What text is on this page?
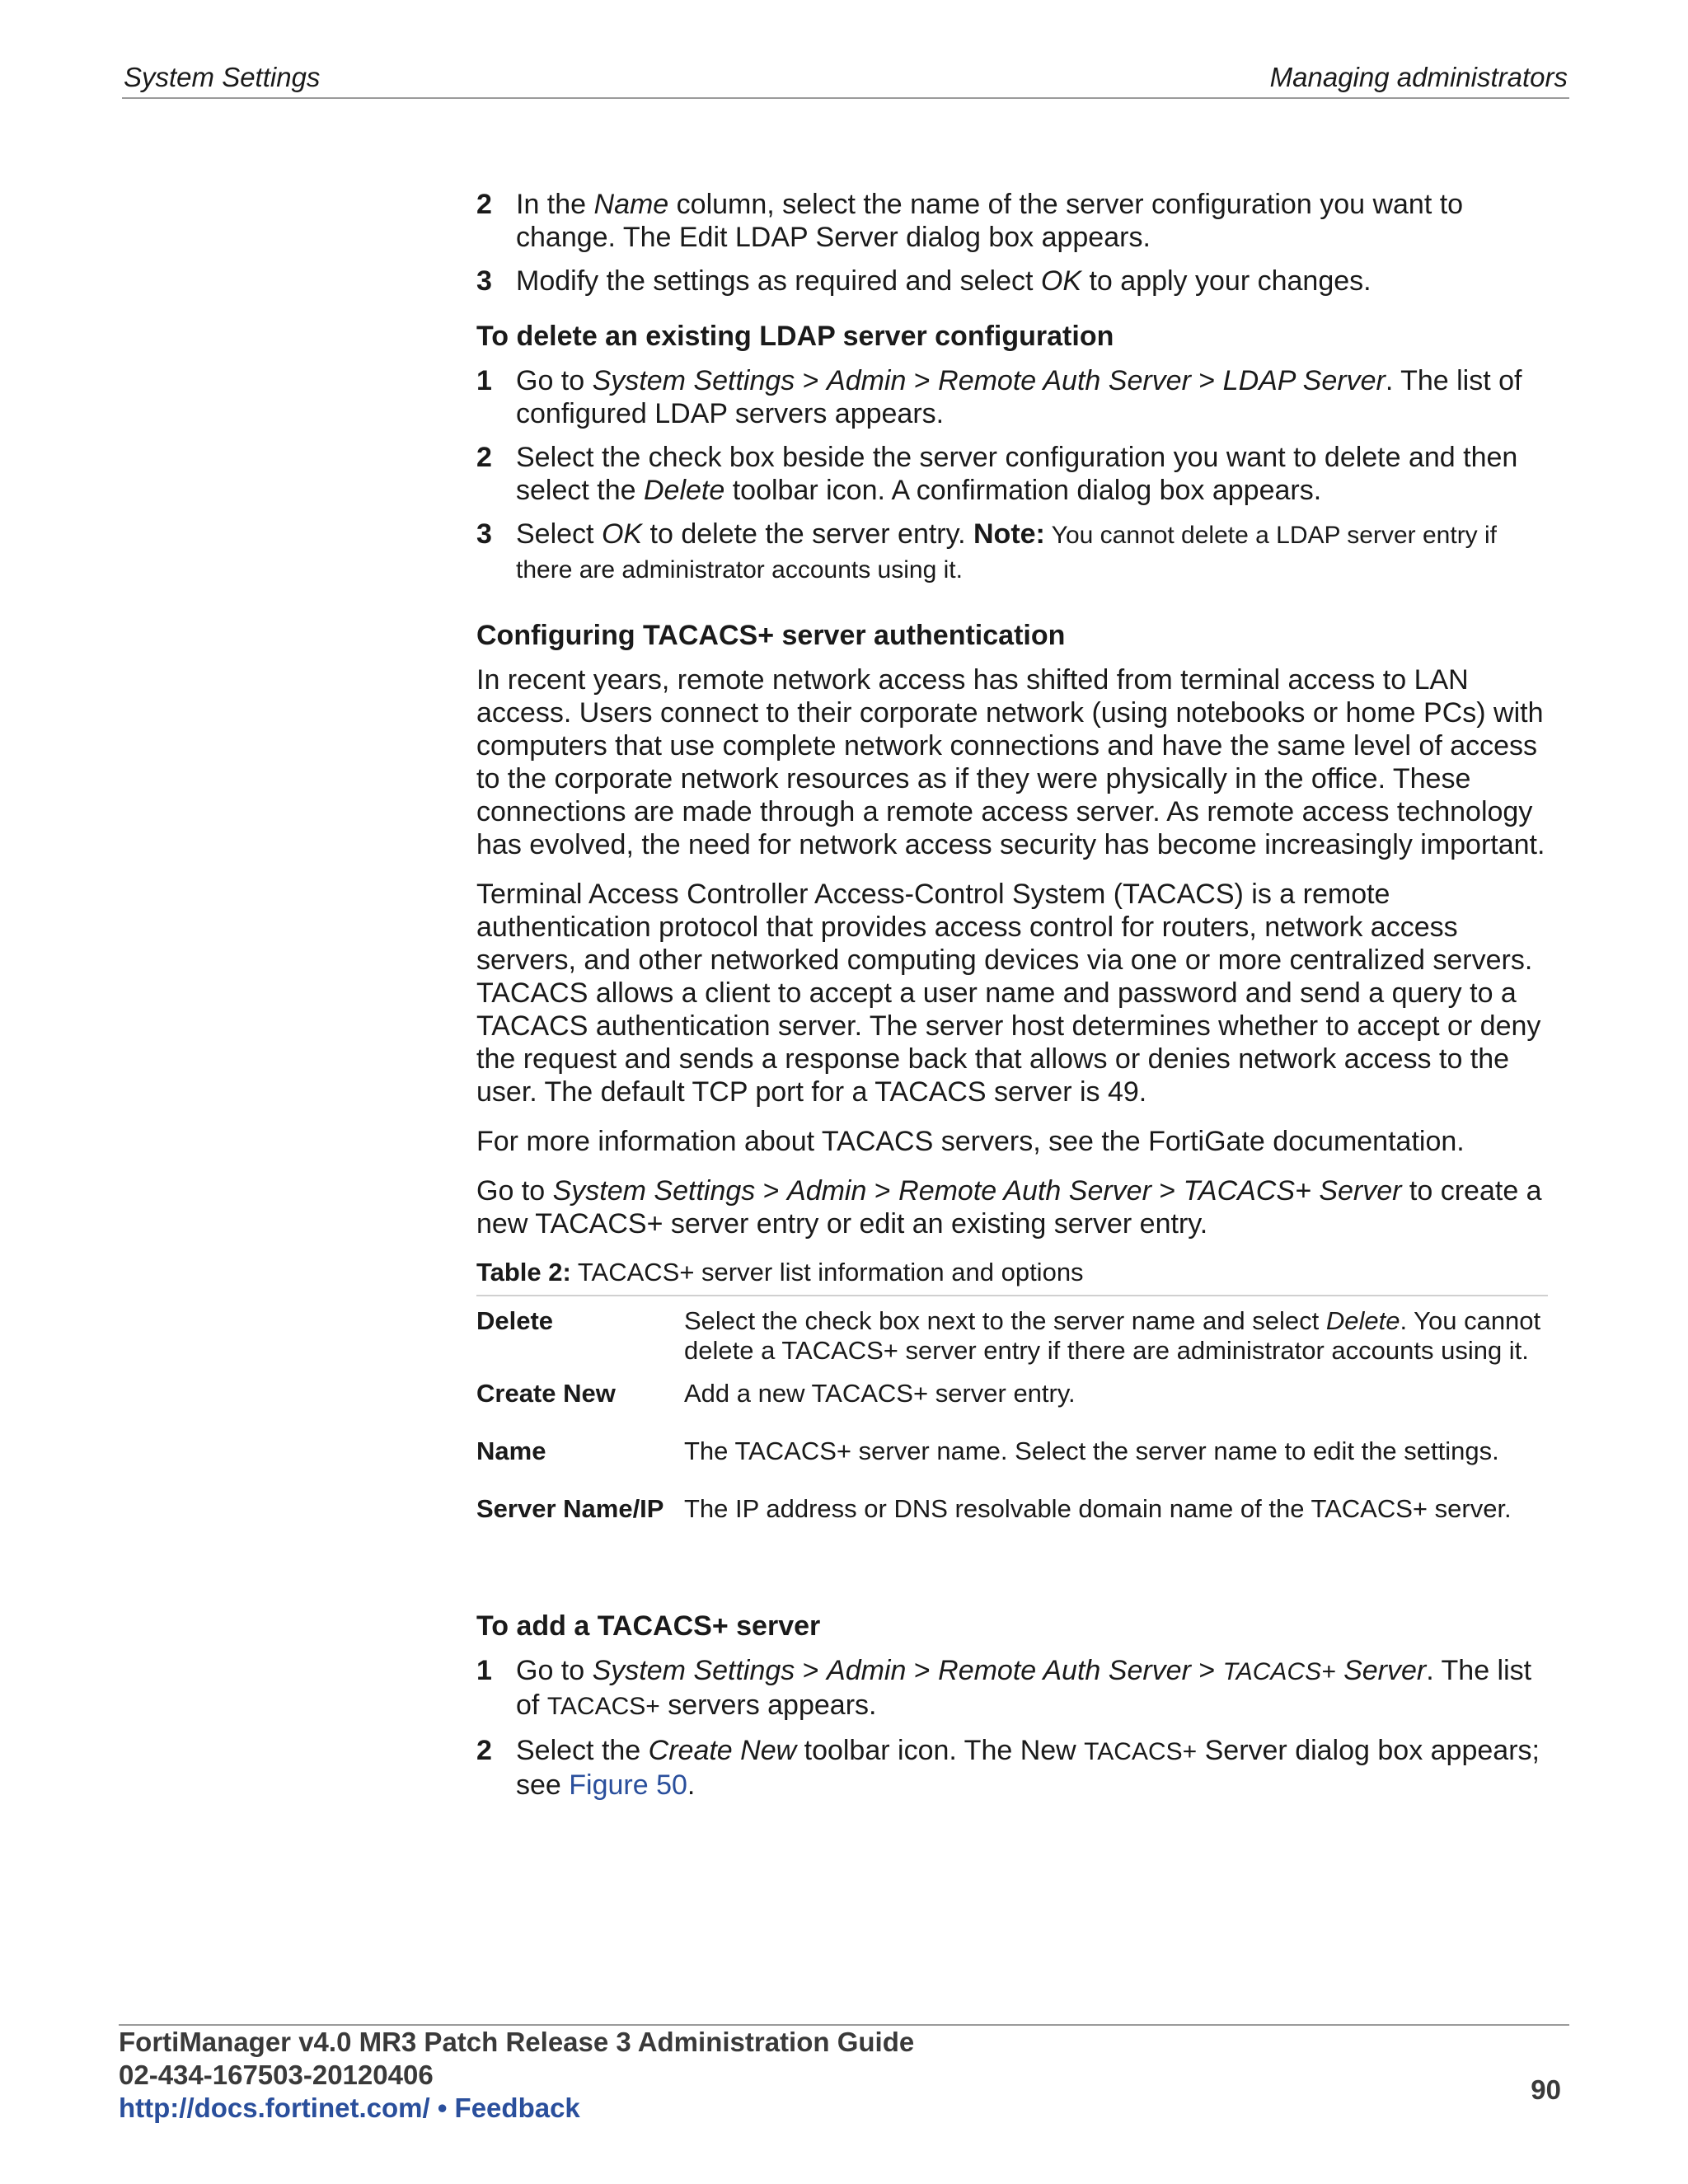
System Settings	Managing administrators
2 In the Name column, select the name of the server configuration you want to change. The Edit LDAP Server dialog box appears.
3 Modify the settings as required and select OK to apply your changes.
To delete an existing LDAP server configuration
1 Go to System Settings > Admin > Remote Auth Server > LDAP Server. The list of configured LDAP servers appears.
2 Select the check box beside the server configuration you want to delete and then select the Delete toolbar icon. A confirmation dialog box appears.
3 Select OK to delete the server entry. Note: You cannot delete a LDAP server entry if there are administrator accounts using it.
Configuring TACACS+ server authentication

In recent years, remote network access has shifted from terminal access to LAN access. Users connect to their corporate network (using notebooks or home PCs) with computers that use complete network connections and have the same level of access to the corporate network resources as if they were physically in the office. These connections are made through a remote access server. As remote access technology has evolved, the need for network access security has become increasingly important.

Terminal Access Controller Access-Control System (TACACS) is a remote authentication protocol that provides access control for routers, network access servers, and other networked computing devices via one or more centralized servers. TACACS allows a client to accept a user name and password and send a query to a TACACS authentication server. The server host determines whether to accept or deny the request and sends a response back that allows or denies network access to the user. The default TCP port for a TACACS server is 49.

For more information about TACACS servers, see the FortiGate documentation.

Go to System Settings > Admin > Remote Auth Server > TACACS+ Server to create a new TACACS+ server entry or edit an existing server entry.

Table 2: TACACS+ server list information and options
Delete	Select the check box next to the server name and select Delete. You cannot delete a TACACS+ server entry if there are administrator accounts using it.
Create New	Add a new TACACS+ server entry.
Name	The TACACS+ server name. Select the server name to edit the settings.
Server Name/IP The IP address or DNS resolvable domain name of the TACACS+ server.
To add a TACACS+ server
1 Go to System Settings > Admin > Remote Auth Server > TACACS+ Server. The list of TACACS+ servers appears.
2 Select the Create New toolbar icon. The New TACACS+ Server dialog box appears; see Figure 50.
FortiManager v4.0 MR3 Patch Release 3 Administration Guide
02-434-167503-20120406
http://docs.fortinet.com/ • Feedback
90
